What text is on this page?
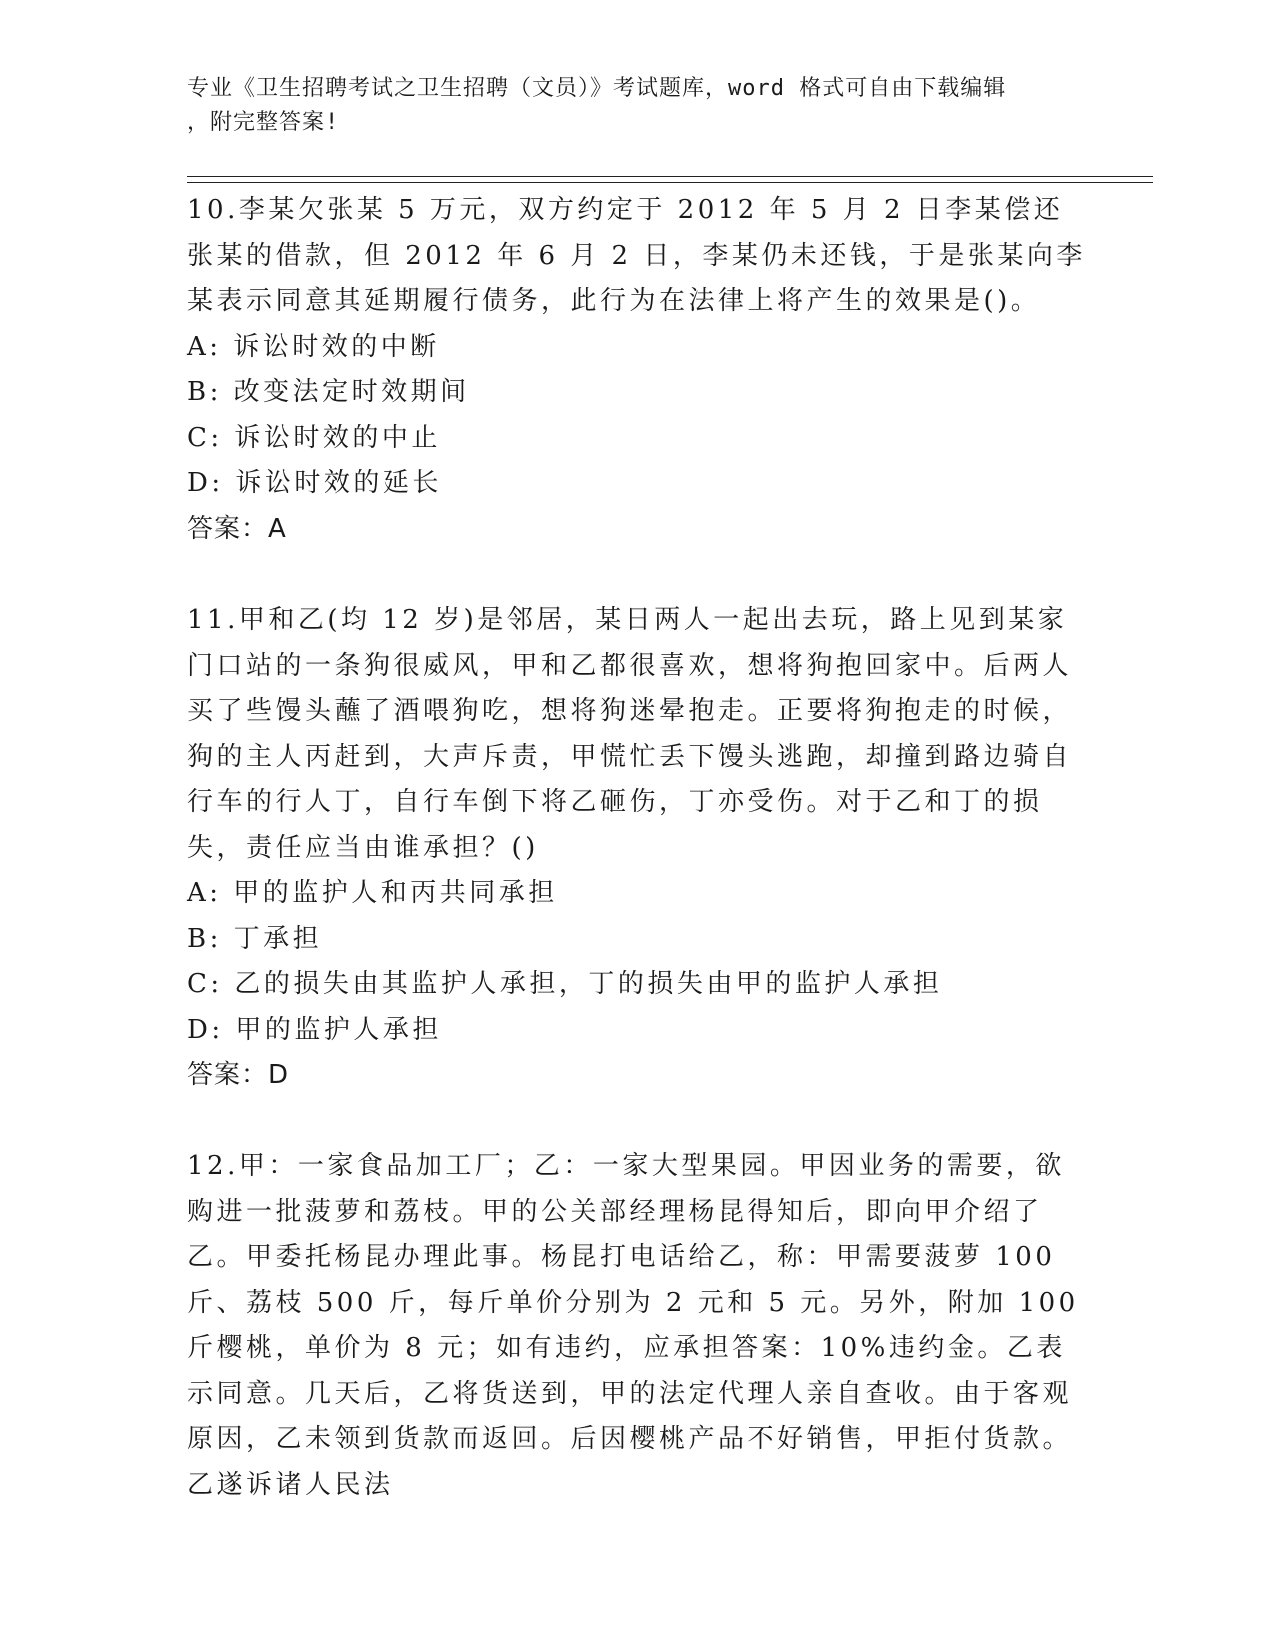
专业《卫生招聘考试之卫生招聘（文员）》考试题库，word 格式可自由下载编辑
，附完整答案!

10.李某欠张某 5 万元，双方约定于 2012 年 5 月 2 日李某偿还张某的借款，但 2012 年 6 月 2 日，李某仍未还钱，于是张某向李某表示同意其延期履行债务，此行为在法律上将产生的效果是()。

A: 诉讼时效的中断
B: 改变法定时效期间
C: 诉讼时效的中止
D: 诉讼时效的延长

答案：A

11.甲和乙(均 12 岁)是邻居，某日两人一起出去玩，路上见到某家门口站的一条狗很威风，甲和乙都很喜欢，想将狗抱回家中。后两人买了些馒头蘸了酒喂狗吃，想将狗迷晕抱走。正要将狗抱走的时候，狗的主人丙赶到，大声斥责，甲慌忙丢下馒头逃跑，却撞到路边骑自行车的行人丁，自行车倒下将乙砸伤，丁亦受伤。对于乙和丁的损失，责任应当由谁承担？()

A: 甲的监护人和丙共同承担
B: 丁承担
C: 乙的损失由其监护人承担，丁的损失由甲的监护人承担
D: 甲的监护人承担

答案：D

12.甲：一家食品加工厂；乙：一家大型果园。甲因业务的需要，欲购进一批菠萝和荔枝。甲的公关部经理杨昆得知后，即向甲介绍了乙。甲委托杨昆办理此事。杨昆打电话给乙，称：甲需要菠萝 100 斤、荔枝 500 斤，每斤单价分别为 2 元和 5 元。另外，附加 100 斤樱桃，单价为 8 元；如有违约，应承担答案：10%违约金。乙表示同意。几天后，乙将货送到，甲的法定代理人亲自查收。由于客观原因，乙未领到货款而返回。后因樱桃产品不好销售，甲拒付货款。乙遂诉诸人民法
